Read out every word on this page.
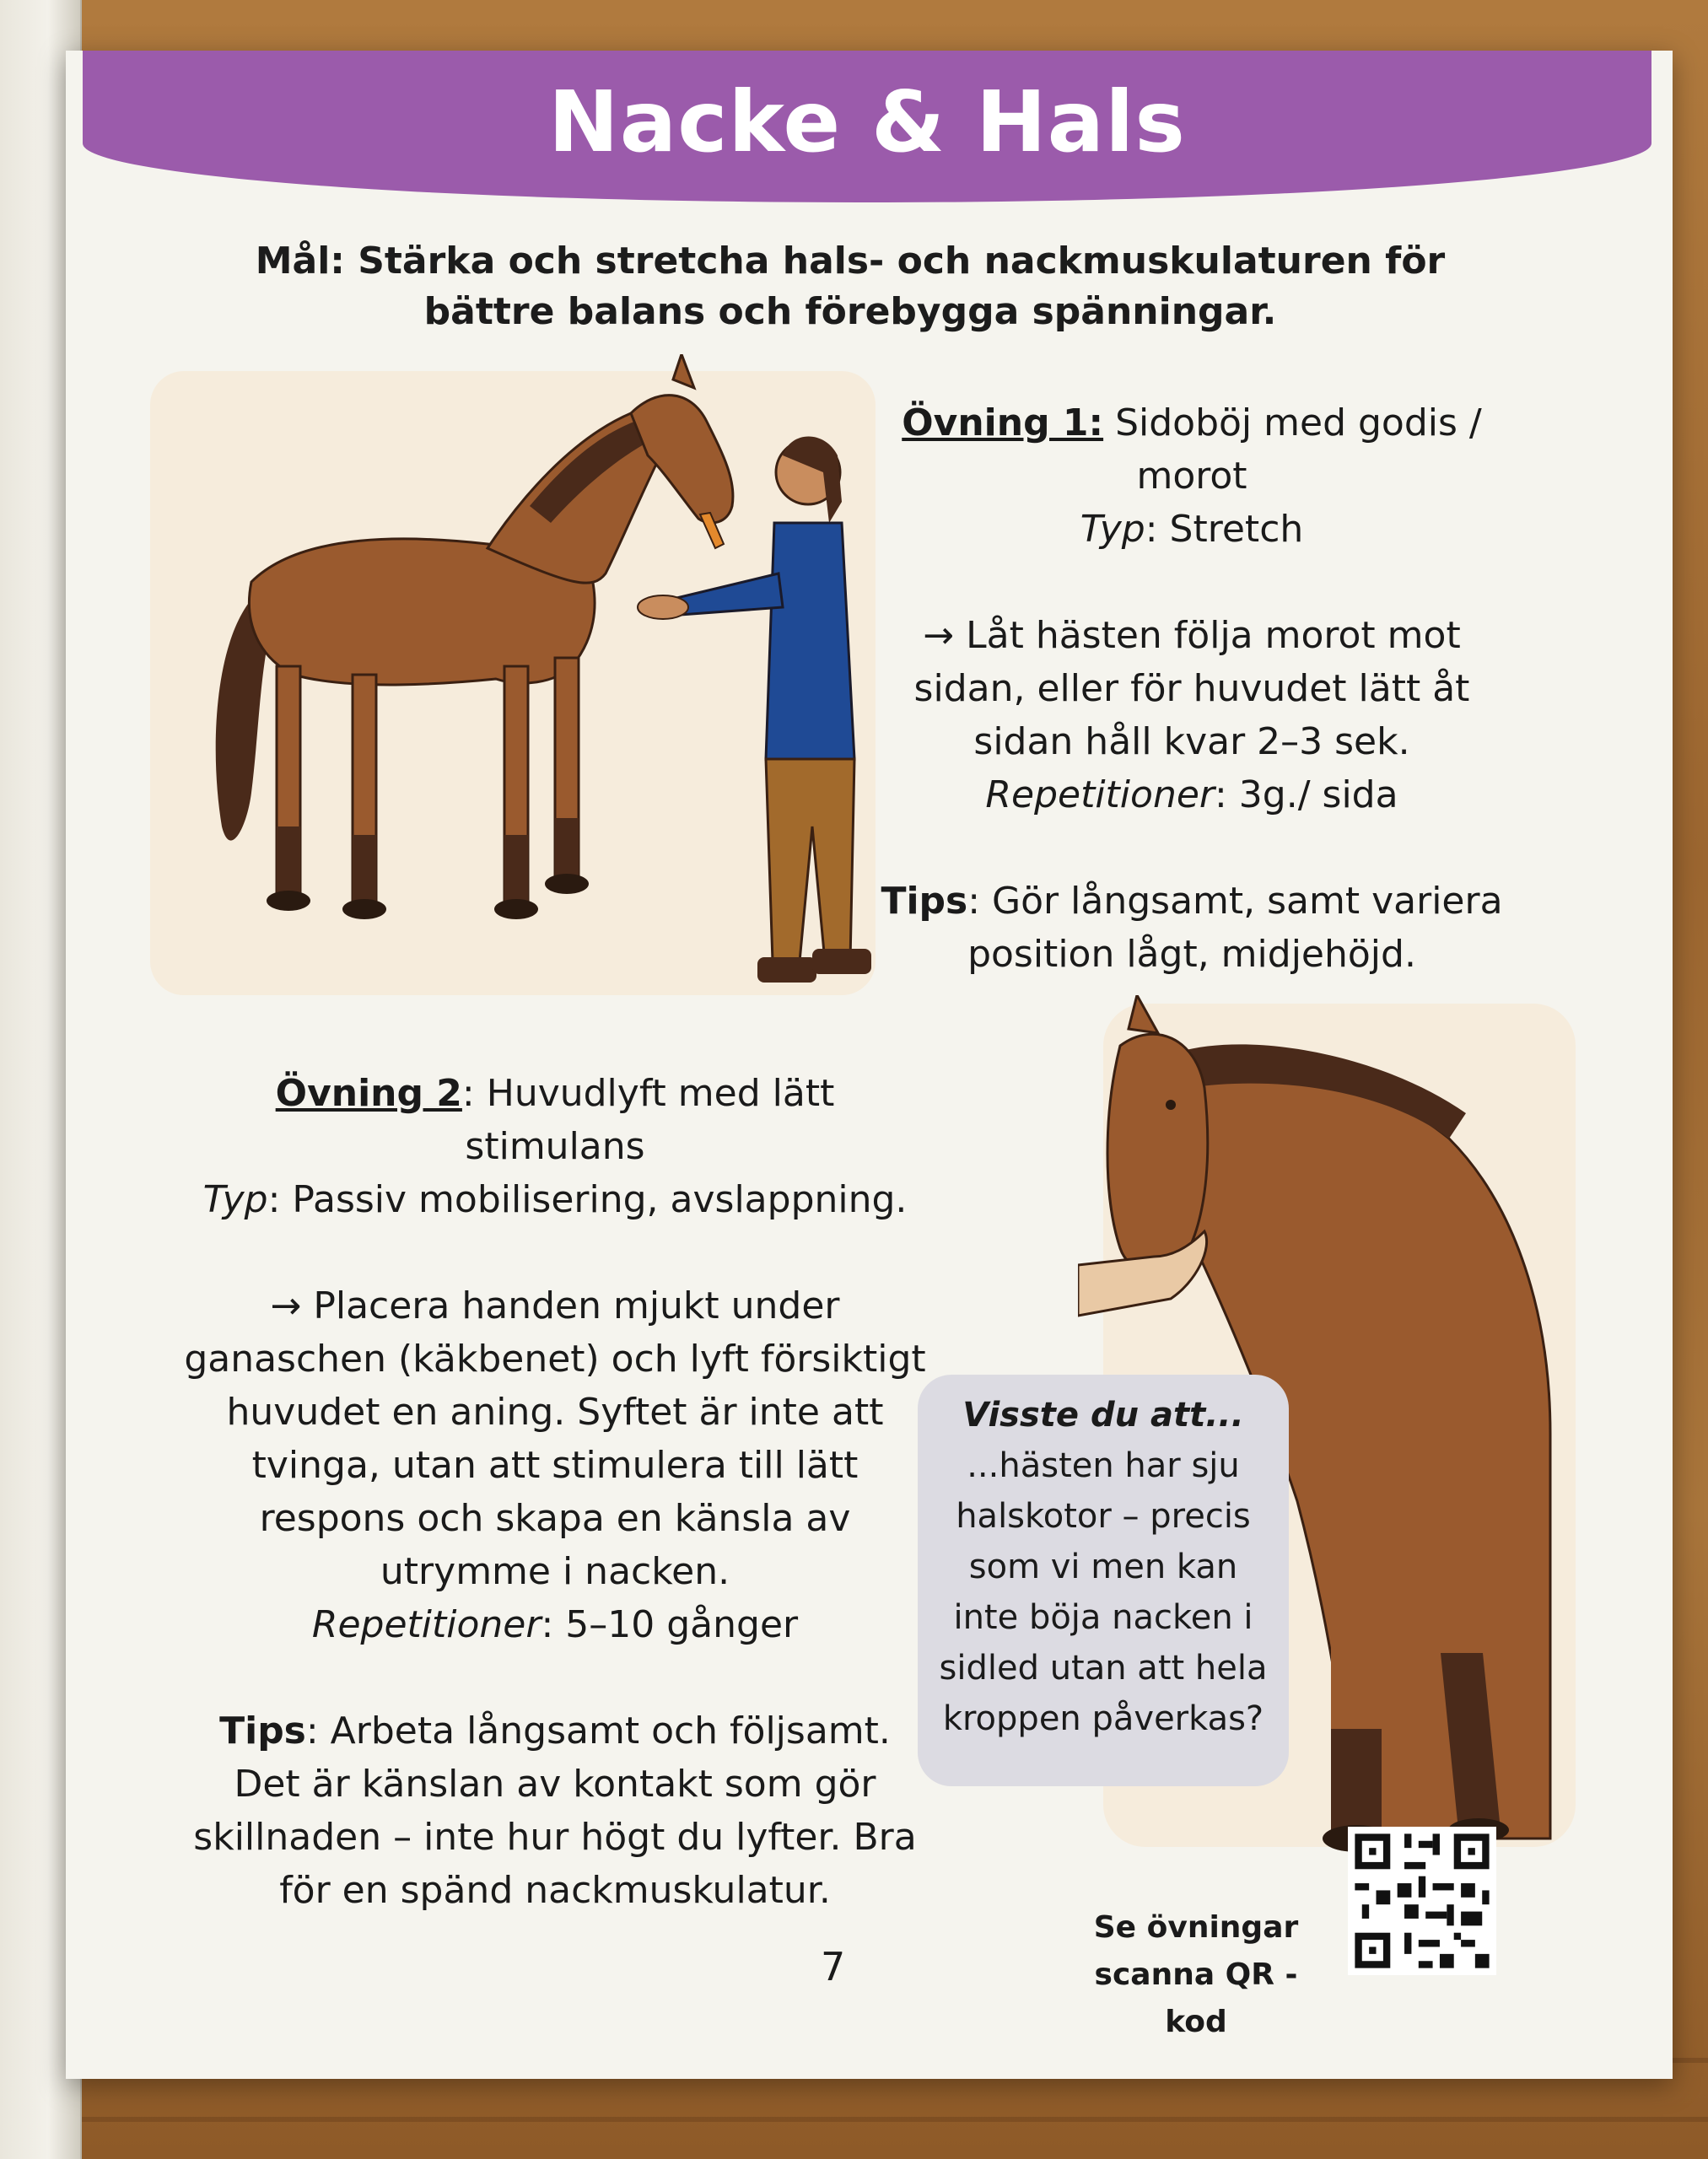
Nacke & Hals
Mål: Stärka och stretcha hals- och nackmuskulaturen för
bättre balans och förebygga spänningar.

Övning 1: Sidoböj med godis /

morot

Typ: Stretch

→ Låt hästen följa morot mot

sidan, eller för huvudet lätt åt

sidan håll kvar 2–3 sek.

Repetitioner: 3g./ sida

Tips: Gör långsamt, samt variera

position lågt, midjehöjd.

Övning 2: Huvudlyft med lätt stimulans

Typ: Passiv mobilisering, avslappning.

→ Placera handen mjukt under

ganaschen (käkbenet) och lyft försiktigt

huvudet en aning. Syftet är inte att

tvinga, utan att stimulera till lätt

respons och skapa en känsla av

utrymme i nacken.

Repetitioner: 5–10 gånger

Tips: Arbeta långsamt och följsamt.

Det är känslan av kontakt som gör

skillnaden – inte hur högt du lyfter. Bra

för en spänd nackmuskulatur.

Visste du att...
...hästen har sju
halskotor – precis
som vi men kan
inte böja nacken i
sidled utan att hela
kroppen påverkas?
7
Se övningar
scanna QR - kod
